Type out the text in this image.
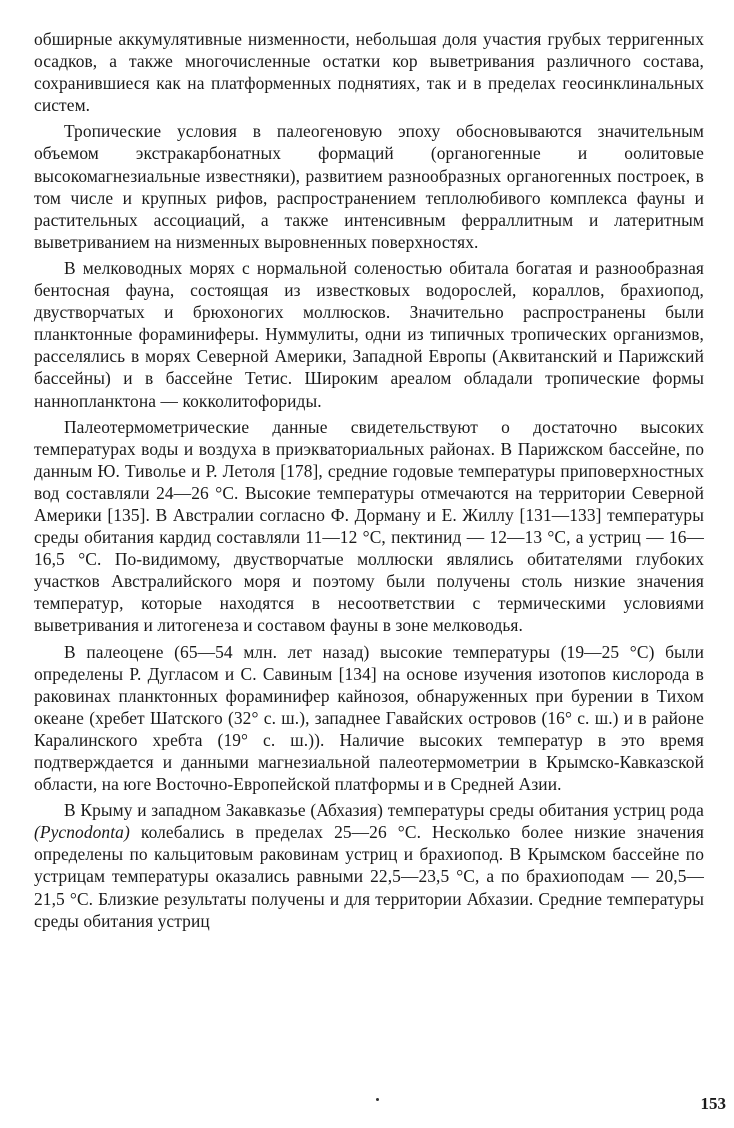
обширные аккумулятивные низменности, небольшая доля участия грубых терригенных осадков, а также многочисленные остатки кор выветривания различного состава, сохранившиеся как на платформенных поднятиях, так и в пределах геосинклинальных систем.

Тропические условия в палеогеновую эпоху обосновываются значительным объемом экстракарбонатных формаций (органогенные и оолитовые высокомагнезиальные известняки), развитием разнообразных органогенных построек, в том числе и крупных рифов, распространением теплолюбивого комплекса фауны и растительных ассоциаций, а также интенсивным ферраллитным и латеритным выветриванием на низменных выровненных поверхностях.

В мелководных морях с нормальной соленостью обитала богатая и разнообразная бентосная фауна, состоящая из известковых водорослей, кораллов, брахиопод, двустворчатых и брюхоногих моллюсков. Значительно распространены были планктонные фораминиферы. Нуммулиты, одни из типичных тропических организмов, расселялись в морях Северной Америки, Западной Европы (Аквитанский и Парижский бассейны) и в бассейне Тетис. Широким ареалом обладали тропические формы наннопланктона — кокколитофориды.

Палеотермометрические данные свидетельствуют о достаточно высоких температурах воды и воздуха в приэкваториальных районах. В Парижском бассейне, по данным Ю. Тиволье и Р. Летоля [178], средние годовые температуры приповерхностных вод составляли 24—26 °С. Высокие температуры отмечаются на территории Северной Америки [135]. В Австралии согласно Ф. Дорману и Е. Жиллу [131—133] температуры среды обитания кардид составляли 11—12 °С, пектинид — 12—13 °С, а устриц — 16—16,5 °С. По-видимому, двустворчатые моллюски являлись обитателями глубоких участков Австралийского моря и поэтому были получены столь низкие значения температур, которые находятся в несоответствии с термическими условиями выветривания и литогенеза и составом фауны в зоне мелководья.

В палеоцене (65—54 млн. лет назад) высокие температуры (19—25 °С) были определены Р. Дугласом и С. Савиным [134] на основе изучения изотопов кислорода в раковинах планктонных фораминифер кайнозоя, обнаруженных при бурении в Тихом океане (хребет Шатского (32° с. ш.), западнее Гавайских островов (16° с. ш.) и в районе Каралинского хребта (19° с. ш.)). Наличие высоких температур в это время подтверждается и данными магнезиальной палеотермометрии в Крымско-Кавказской области, на юге Восточно-Европейской платформы и в Средней Азии.

В Крыму и западном Закавказье (Абхазия) температуры среды обитания устриц рода (Pycnodonta) колебались в пределах 25—26 °С. Несколько более низкие значения определены по кальцитовым раковинам устриц и брахиопод. В Крымском бассейне по устрицам температуры оказались равными 22,5—23,5 °С, а по брахиоподам — 20,5—21,5 °С. Близкие результаты получены и для территории Абхазии. Средние температуры среды обитания устриц

153
